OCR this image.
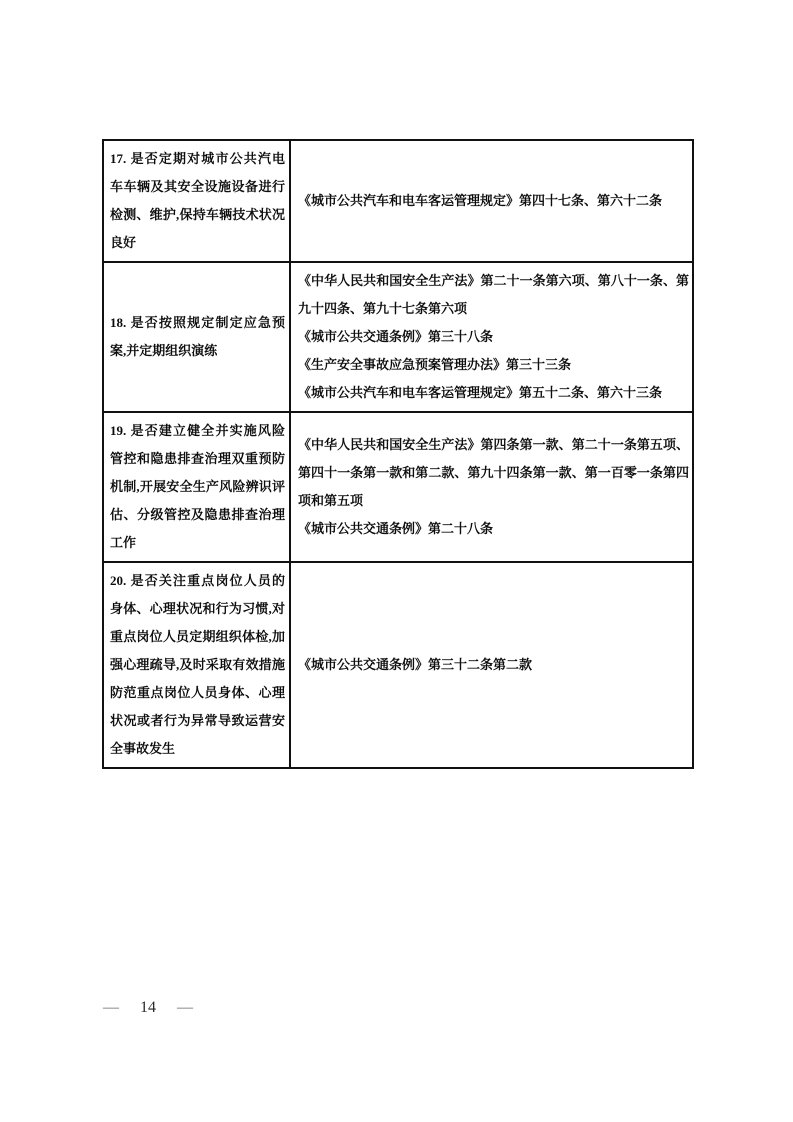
17. 是否定期对城市公共汽电车车辆及其安全设施设备进行检测、维护,保持车辆技术状况良好	《城市公共汽车和电车客运管理规定》第四十七条、第六十二条

18. 是否按照规定制定应急预案,并定期组织演练	《中华人民共和国安全生产法》第二十一条第六项、第八十一条、第九十四条、第九十七条第六项
《城市公共交通条例》第三十八条
《生产安全事故应急预案管理办法》第三十三条
《城市公共汽车和电车客运管理规定》第五十二条、第六十三条

19. 是否建立健全并实施风险管控和隐患排查治理双重预防机制,开展安全生产风险辨识评估、分级管控及隐患排查治理工作	《中华人民共和国安全生产法》第四条第一款、第二十一条第五项、第四十一条第一款和第二款、第九十四条第一款、第一百零一条第四项和第五项
《城市公共交通条例》第二十八条

20. 是否关注重点岗位人员的身体、心理状况和行为习惯,对重点岗位人员定期组织体检,加强心理疏导,及时采取有效措施防范重点岗位人员身体、心理状况或者行为异常导致运营安全事故发生	《城市公共交通条例》第三十二条第二款
— 14 —
